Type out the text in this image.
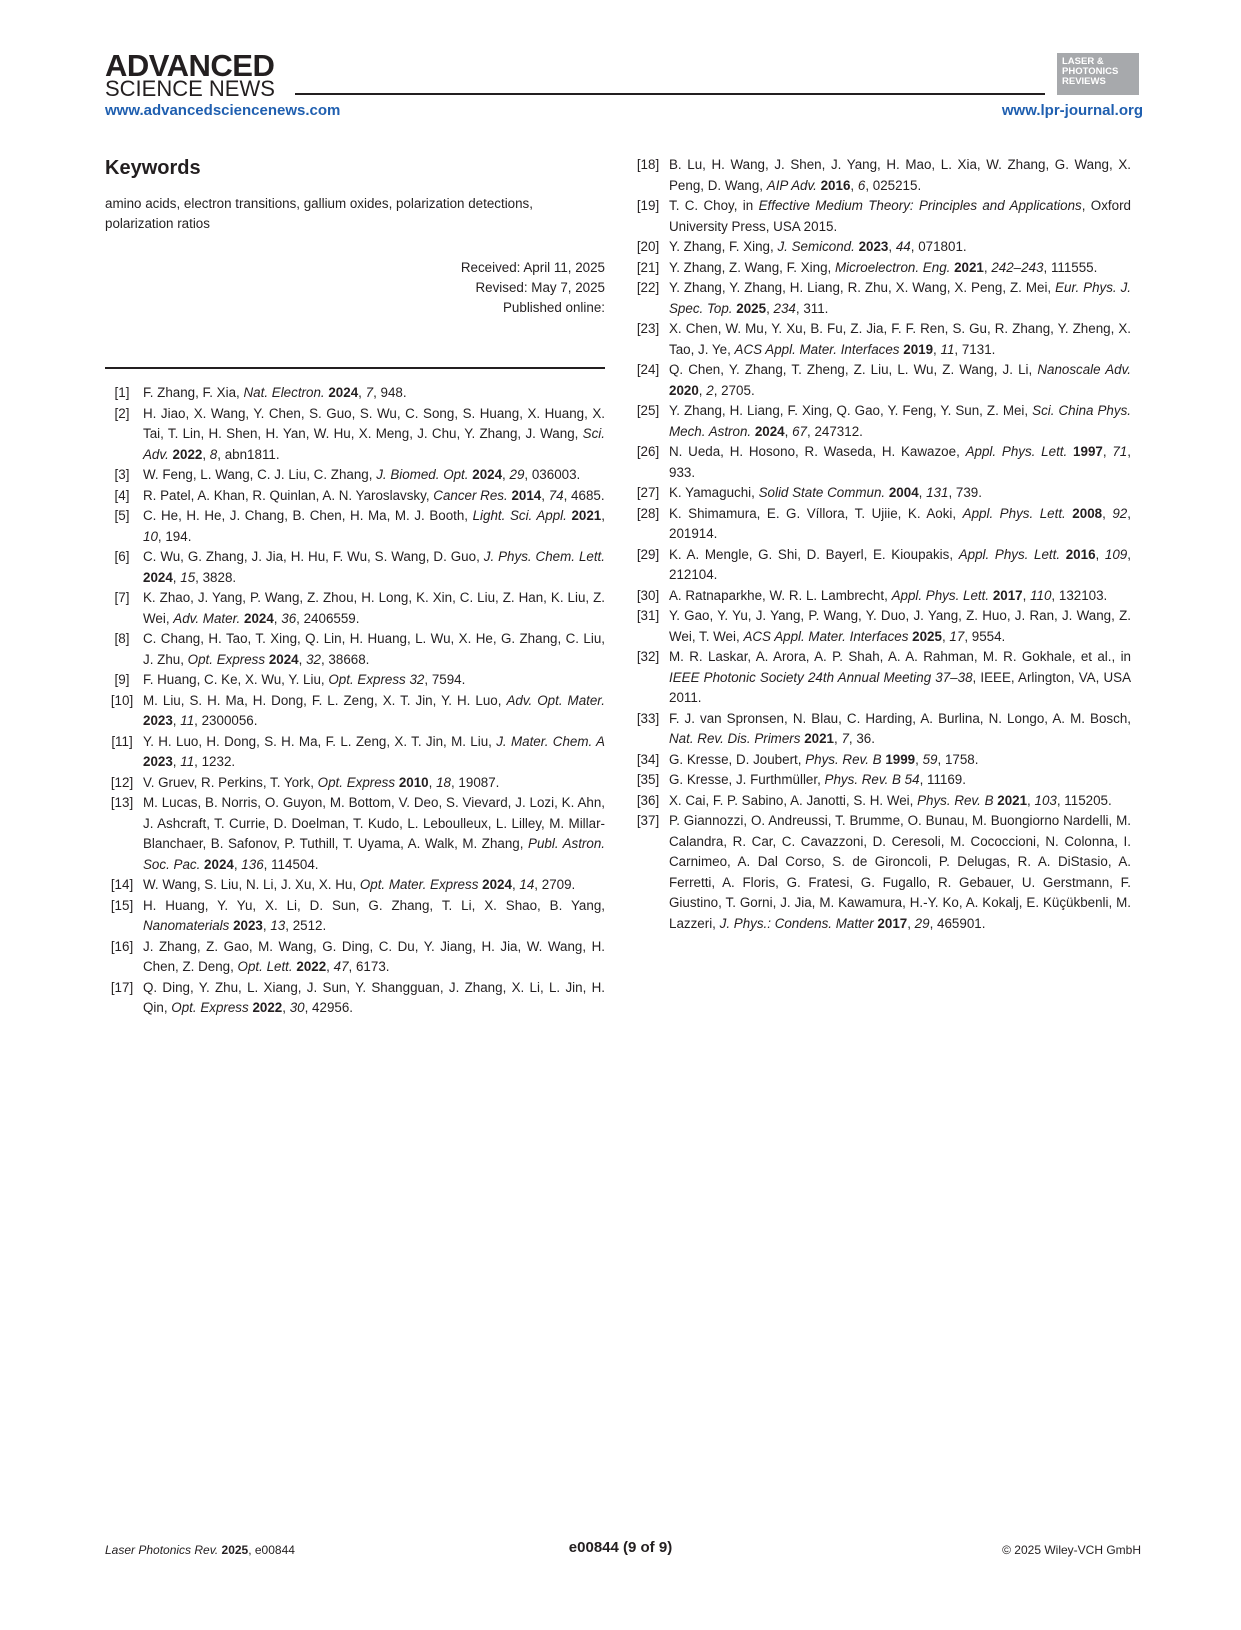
ADVANCED
SCIENCE NEWS
LASER & PHOTONICS REVIEWS
www.advancedsciencenews.com	www.lpr-journal.org
Keywords
amino acids, electron transitions, gallium oxides, polarization detections, polarization ratios
Received: April 11, 2025
Revised: May 7, 2025
Published online:
[1]	F. Zhang, F. Xia, Nat. Electron. 2024, 7, 948.
[2]	H. Jiao, X. Wang, Y. Chen, S. Guo, S. Wu, C. Song, S. Huang, X. Huang, X. Tai, T. Lin, H. Shen, H. Yan, W. Hu, X. Meng, J. Chu, Y. Zhang, J. Wang, Sci. Adv. 2022, 8, abn1811.
[3]	W. Feng, L. Wang, C. J. Liu, C. Zhang, J. Biomed. Opt. 2024, 29, 036003.
[4]	R. Patel, A. Khan, R. Quinlan, A. N. Yaroslavsky, Cancer Res. 2014, 74, 4685.
[5]	C. He, H. He, J. Chang, B. Chen, H. Ma, M. J. Booth, Light. Sci. Appl. 2021, 10, 194.
[6]	C. Wu, G. Zhang, J. Jia, H. Hu, F. Wu, S. Wang, D. Guo, J. Phys. Chem. Lett. 2024, 15, 3828.
[7]	K. Zhao, J. Yang, P. Wang, Z. Zhou, H. Long, K. Xin, C. Liu, Z. Han, K. Liu, Z. Wei, Adv. Mater. 2024, 36, 2406559.
[8]	C. Chang, H. Tao, T. Xing, Q. Lin, H. Huang, L. Wu, X. He, G. Zhang, C. Liu, J. Zhu, Opt. Express 2024, 32, 38668.
[9]	F. Huang, C. Ke, X. Wu, Y. Liu, Opt. Express 32, 7594.
[10] M. Liu, S. H. Ma, H. Dong, F. L. Zeng, X. T. Jin, Y. H. Luo, Adv. Opt. Mater. 2023, 11, 2300056.
[11] Y. H. Luo, H. Dong, S. H. Ma, F. L. Zeng, X. T. Jin, M. Liu, J. Mater. Chem. A 2023, 11, 1232.
[12] V. Gruev, R. Perkins, T. York, Opt. Express 2010, 18, 19087.
[13] M. Lucas, B. Norris, O. Guyon, M. Bottom, V. Deo, S. Vievard, J. Lozi, K. Ahn, J. Ashcraft, T. Currie, D. Doelman, T. Kudo, L. Leboulleux, L. Lilley, M. Millar-Blanchaer, B. Safonov, P. Tuthill, T. Uyama, A. Walk, M. Zhang, Publ. Astron. Soc. Pac. 2024, 136, 114504.
[14] W. Wang, S. Liu, N. Li, J. Xu, X. Hu, Opt. Mater. Express 2024, 14, 2709.
[15] H. Huang, Y. Yu, X. Li, D. Sun, G. Zhang, T. Li, X. Shao, B. Yang, Nanomaterials 2023, 13, 2512.
[16] J. Zhang, Z. Gao, M. Wang, G. Ding, C. Du, Y. Jiang, H. Jia, W. Wang, H. Chen, Z. Deng, Opt. Lett. 2022, 47, 6173.
[17] Q. Ding, Y. Zhu, L. Xiang, J. Sun, Y. Shangguan, J. Zhang, X. Li, L. Jin, H. Qin, Opt. Express 2022, 30, 42956.
[18] B. Lu, H. Wang, J. Shen, J. Yang, H. Mao, L. Xia, W. Zhang, G. Wang, X. Peng, D. Wang, AIP Adv. 2016, 6, 025215.
[19] T. C. Choy, in Effective Medium Theory: Principles and Applications, Oxford University Press, USA 2015.
[20] Y. Zhang, F. Xing, J. Semicond. 2023, 44, 071801.
[21] Y. Zhang, Z. Wang, F. Xing, Microelectron. Eng. 2021, 242–243, 111555.
[22] Y. Zhang, Y. Zhang, H. Liang, R. Zhu, X. Wang, X. Peng, Z. Mei, Eur. Phys. J. Spec. Top. 2025, 234, 311.
[23] X. Chen, W. Mu, Y. Xu, B. Fu, Z. Jia, F. F. Ren, S. Gu, R. Zhang, Y. Zheng, X. Tao, J. Ye, ACS Appl. Mater. Interfaces 2019, 11, 7131.
[24] Q. Chen, Y. Zhang, T. Zheng, Z. Liu, L. Wu, Z. Wang, J. Li, Nanoscale Adv. 2020, 2, 2705.
[25] Y. Zhang, H. Liang, F. Xing, Q. Gao, Y. Feng, Y. Sun, Z. Mei, Sci. China Phys. Mech. Astron. 2024, 67, 247312.
[26] N. Ueda, H. Hosono, R. Waseda, H. Kawazoe, Appl. Phys. Lett. 1997, 71, 933.
[27] K. Yamaguchi, Solid State Commun. 2004, 131, 739.
[28] K. Shimamura, E. G. Víllora, T. Ujiie, K. Aoki, Appl. Phys. Lett. 2008, 92, 201914.
[29] K. A. Mengle, G. Shi, D. Bayerl, E. Kioupakis, Appl. Phys. Lett. 2016, 109, 212104.
[30] A. Ratnaparkhe, W. R. L. Lambrecht, Appl. Phys. Lett. 2017, 110, 132103.
[31] Y. Gao, Y. Yu, J. Yang, P. Wang, Y. Duo, J. Yang, Z. Huo, J. Ran, J. Wang, Z. Wei, T. Wei, ACS Appl. Mater. Interfaces 2025, 17, 9554.
[32] M. R. Laskar, A. Arora, A. P. Shah, A. A. Rahman, M. R. Gokhale, et al., in IEEE Photonic Society 24th Annual Meeting 37–38, IEEE, Arlington, VA, USA 2011.
[33] F. J. van Spronsen, N. Blau, C. Harding, A. Burlina, N. Longo, A. M. Bosch, Nat. Rev. Dis. Primers 2021, 7, 36.
[34] G. Kresse, D. Joubert, Phys. Rev. B 1999, 59, 1758.
[35] G. Kresse, J. Furthmüller, Phys. Rev. B 54, 11169.
[36] X. Cai, F. P. Sabino, A. Janotti, S. H. Wei, Phys. Rev. B 2021, 103, 115205.
[37] P. Giannozzi, O. Andreussi, T. Brumme, O. Bunau, M. Buongiorno Nardelli, M. Calandra, R. Car, C. Cavazzoni, D. Ceresoli, M. Cococcioni, N. Colonna, I. Carnimeo, A. Dal Corso, S. de Gironcoli, P. Delugas, R. A. DiStasio, A. Ferretti, A. Floris, G. Fratesi, G. Fugallo, R. Gebauer, U. Gerstmann, F. Giustino, T. Gorni, J. Jia, M. Kawamura, H.-Y. Ko, A. Kokalj, E. Küçükbenli, M. Lazzeri, J. Phys.: Condens. Matter 2017, 29, 465901.
Laser Photonics Rev. 2025, e00844	e00844 (9 of 9)	© 2025 Wiley-VCH GmbH
